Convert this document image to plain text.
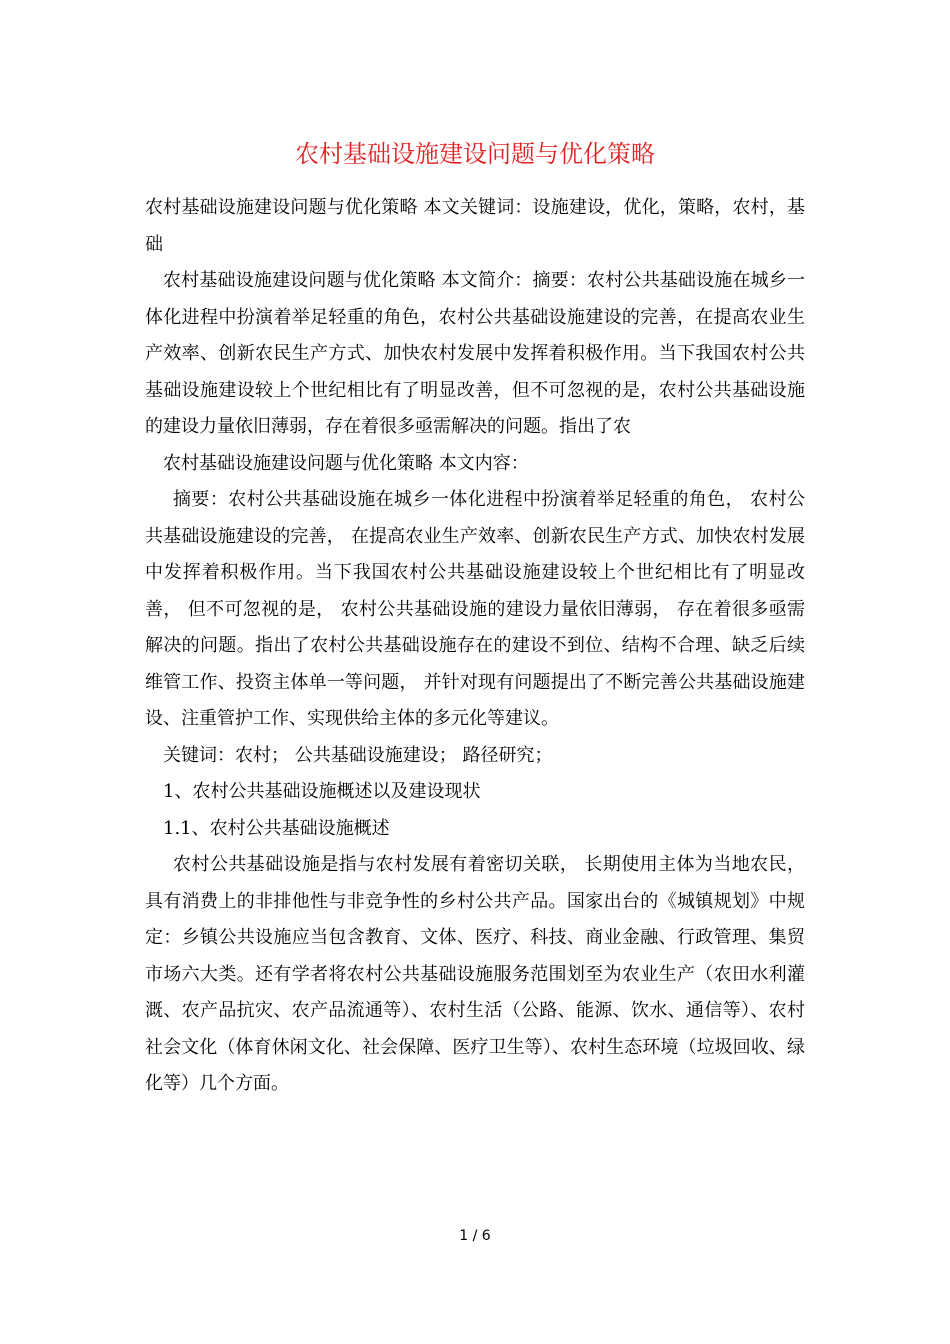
农村基础设施建设问题与优化策略

农村基础设施建设问题与优化策略 本文关键词：设施建设，优化，策略，农村，基础

农村基础设施建设问题与优化策略 本文简介：摘要：农村公共基础设施在城乡一体化进程中扮演着举足轻重的角色，农村公共基础设施建设的完善，在提高农业生产效率、创新农民生产方式、加快农村发展中发挥着积极作用。当下我国农村公共基础设施建设较上个世纪相比有了明显改善，但不可忽视的是，农村公共基础设施的建设力量依旧薄弱，存在着很多亟需解决的问题。指出了农

农村基础设施建设问题与优化策略 本文内容：

摘要：农村公共基础设施在城乡一体化进程中扮演着举足轻重的角色， 农村公共基础设施建设的完善， 在提高农业生产效率、创新农民生产方式、加快农村发展中发挥着积极作用。当下我国农村公共基础设施建设较上个世纪相比有了明显改善， 但不可忽视的是， 农村公共基础设施的建设力量依旧薄弱， 存在着很多亟需解决的问题。指出了农村公共基础设施存在的建设不到位、结构不合理、缺乏后续维管工作、投资主体单一等问题， 并针对现有问题提出了不断完善公共基础设施建设、注重管护工作、实现供给主体的多元化等建议。

关键词：农村； 公共基础设施建设； 路径研究；

1、农村公共基础设施概述以及建设现状

1.1、农村公共基础设施概述

农村公共基础设施是指与农村发展有着密切关联， 长期使用主体为当地农民，具有消费上的非排他性与非竞争性的乡村公共产品。国家出台的《城镇规划》中规定：乡镇公共设施应当包含教育、文体、医疗、科技、商业金融、行政管理、集贸市场六大类。还有学者将农村公共基础设施服务范围划至为农业生产（农田水利灌溉、农产品抗灾、农产品流通等）、农村生活（公路、能源、饮水、通信等）、农村社会文化（体育休闲文化、社会保障、医疗卫生等）、农村生态环境（垃圾回收、绿化等）几个方面。

1 / 6
